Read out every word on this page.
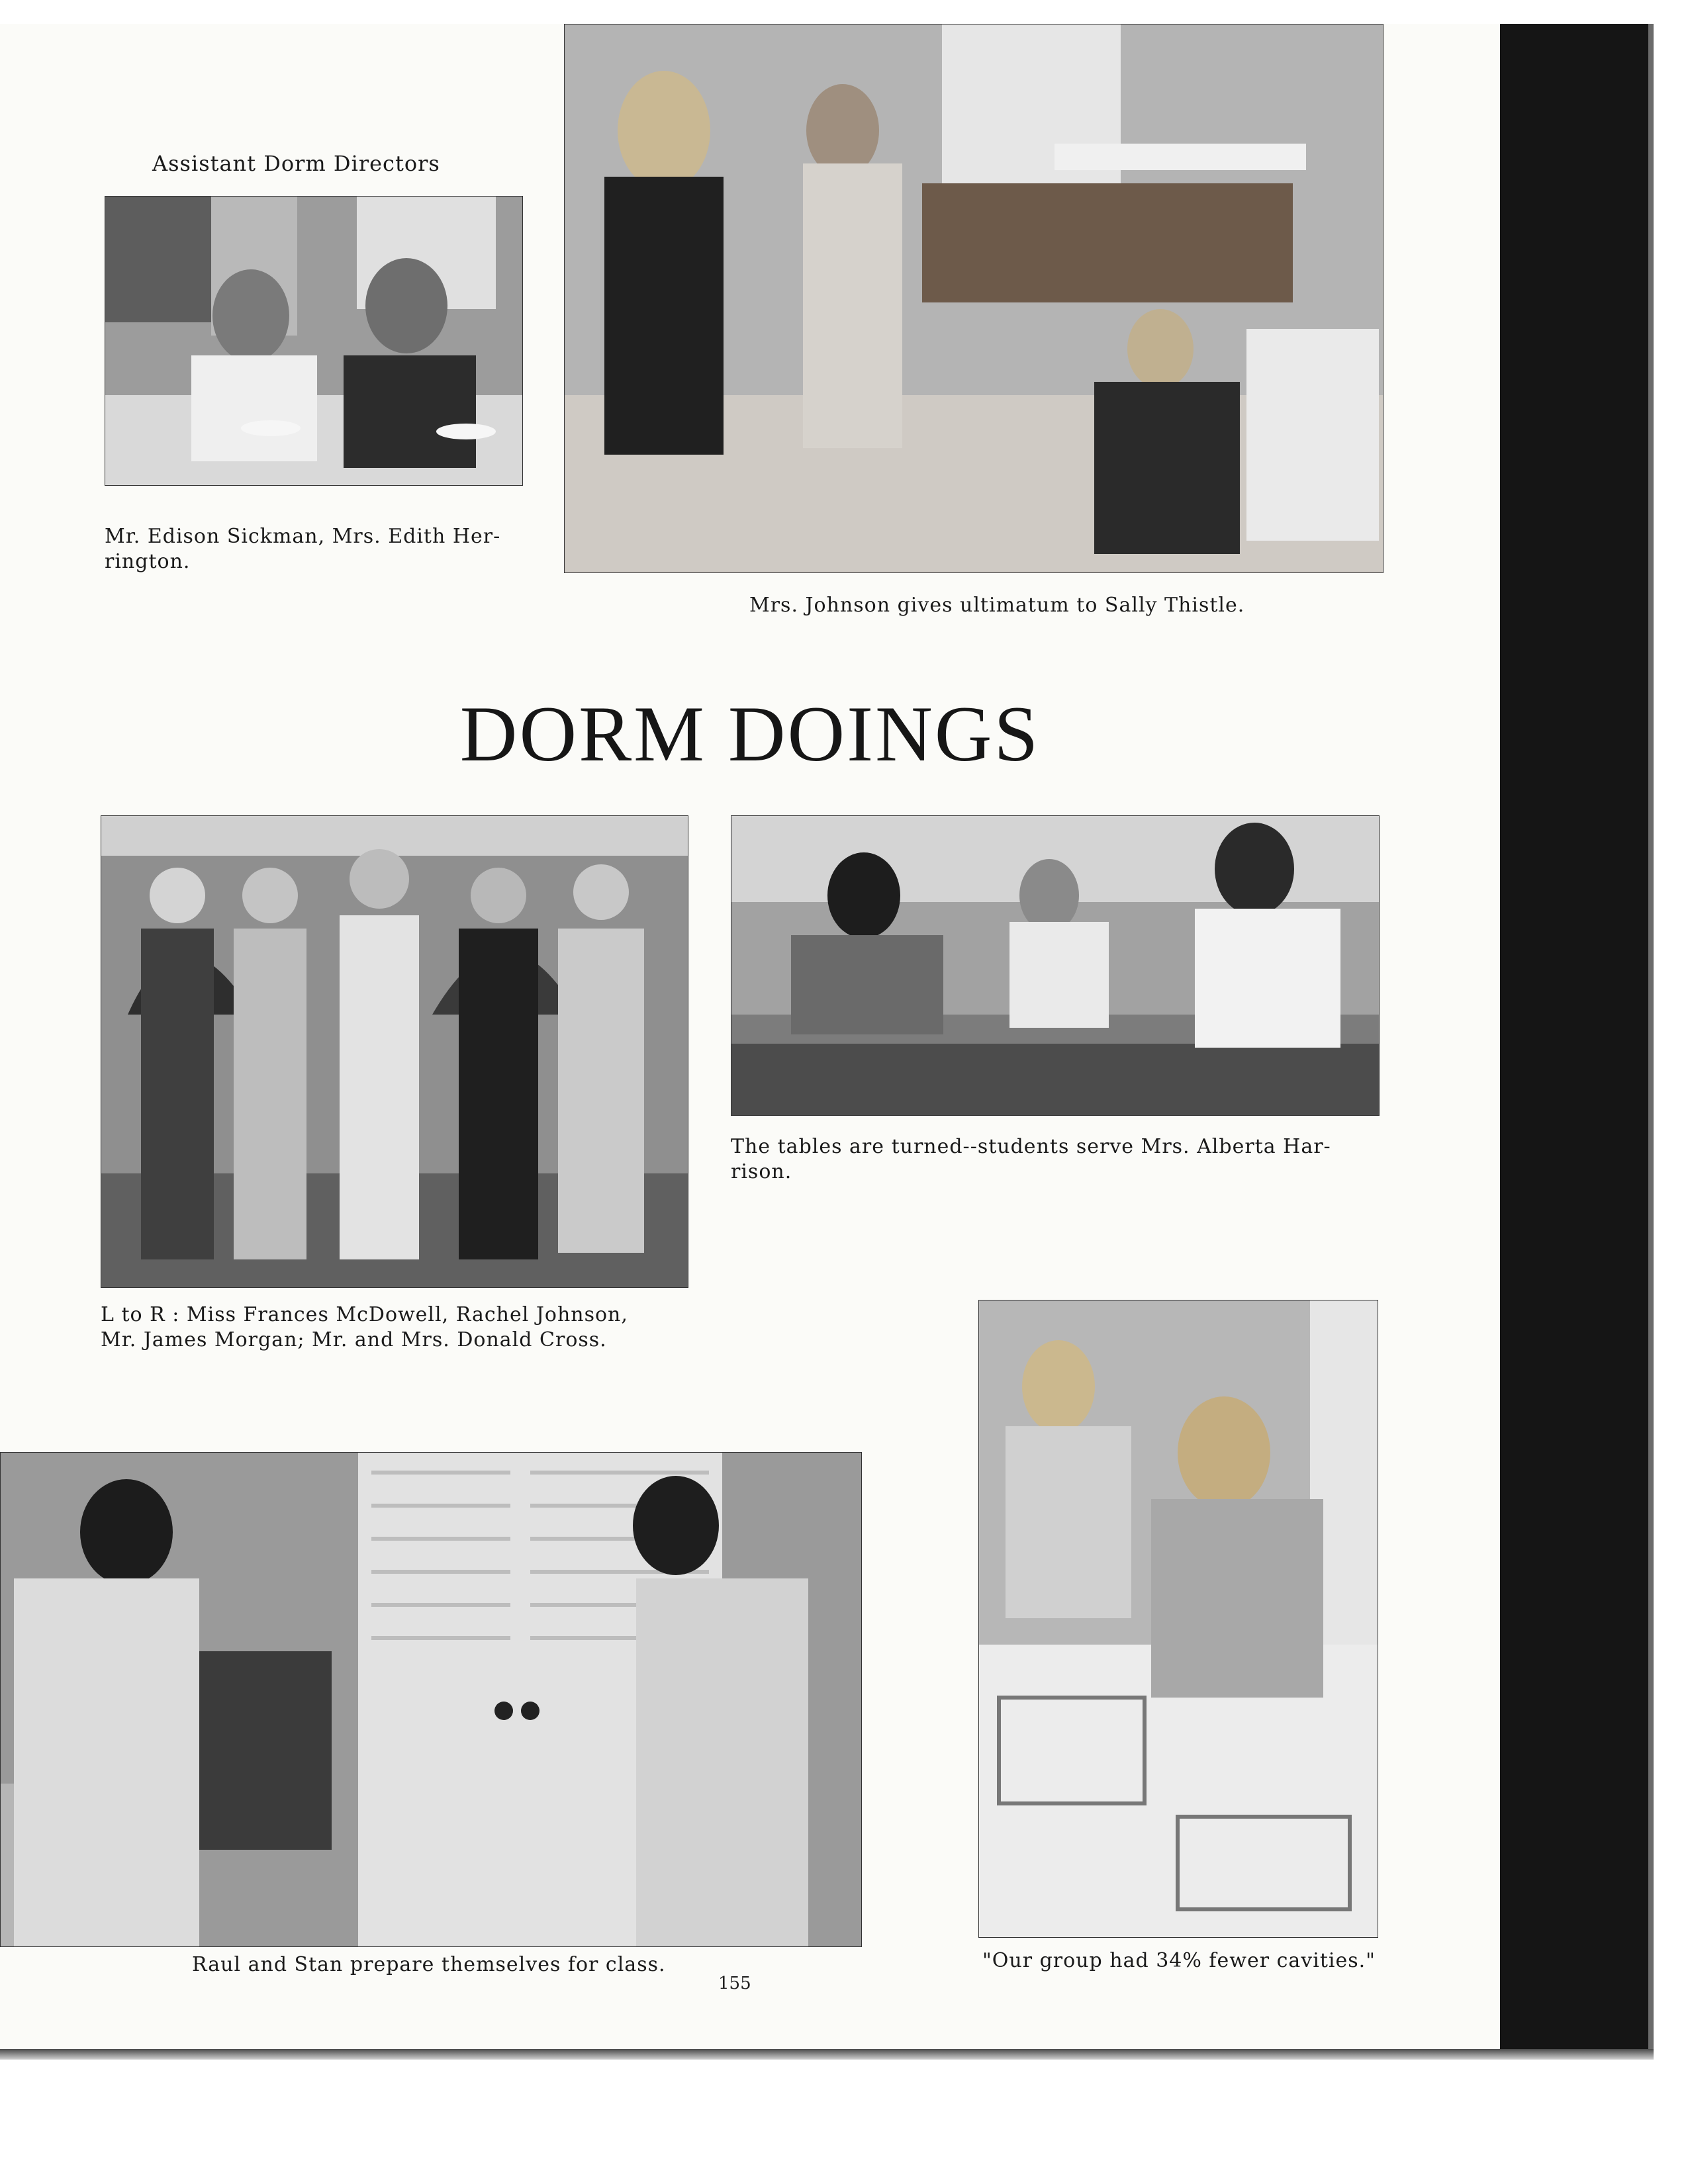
Assistant Dorm Directors
Mr. Edison Sickman, Mrs. Edith Her-
rington.
Mrs. Johnson gives ultimatum to Sally Thistle.
DORM DOINGS
L to R : Miss Frances McDowell, Rachel Johnson,
Mr. James Morgan; Mr. and Mrs. Donald Cross.
The tables are turned--students serve Mrs. Alberta Har-
rison.
Raul and Stan prepare themselves for class.	"Our group had 34% fewer cavities."
155
